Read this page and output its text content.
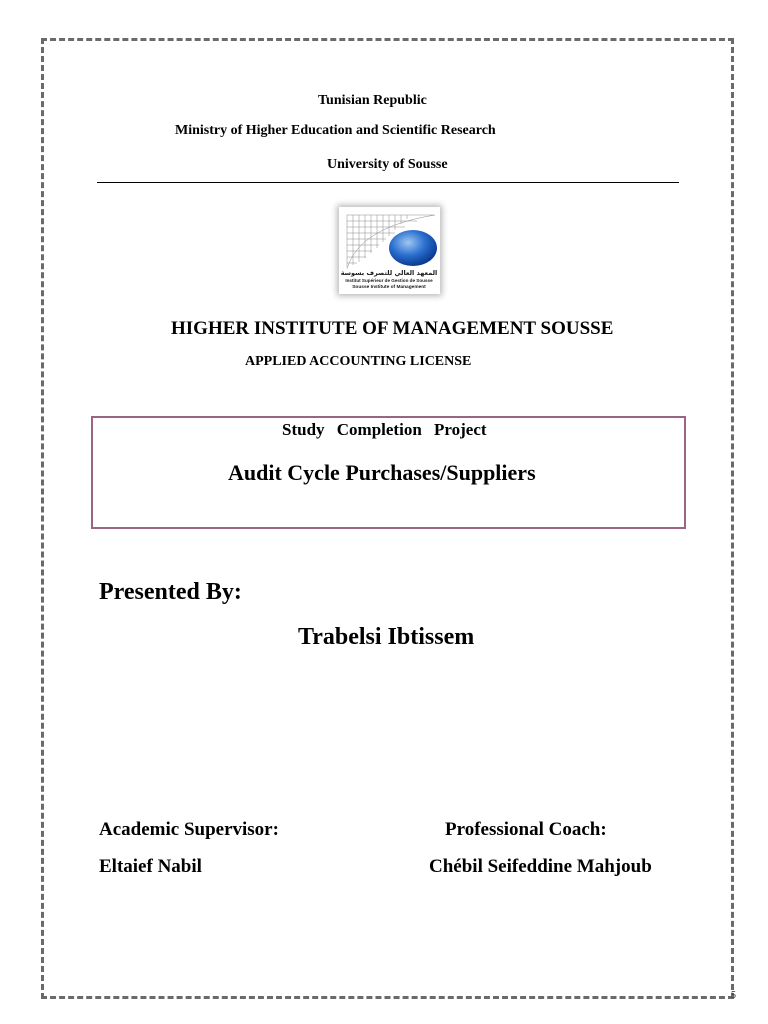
Tunisian Republic
Ministry of Higher Education and Scientific Research
University of Sousse
المعهد العالي للتصرف بسوسة
Institut Supérieur de Gestion de Sousse
Sousse Institute of Management
HIGHER INSTITUTE OF MANAGEMENT SOUSSE
APPLIED ACCOUNTING LICENSE
Study Completion Project
Audit Cycle Purchases/Suppliers
Presented By:
Trabelsi Ibtissem
Academic Supervisor:	Professional Coach:
Eltaief Nabil	Chébil Seifeddine Mahjoub
5
